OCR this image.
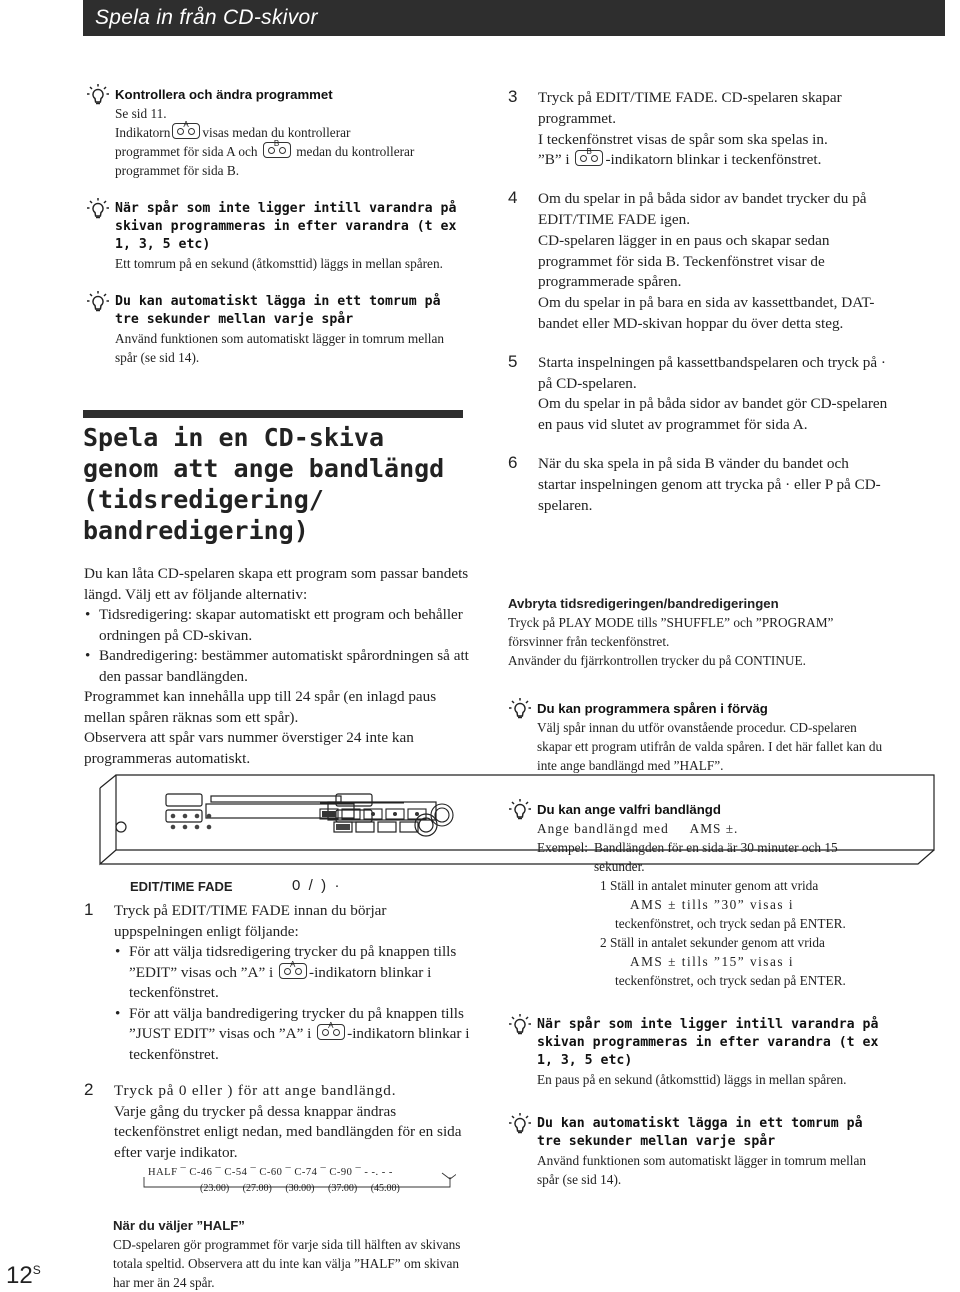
Spela in från CD-skivor
Kontrollera och ändra programmet

Se sid 11.

Indikatorn
A
visas medan du kontrollerar

programmet för sida A och
B
medan du kontrollerar

programmet för sida B.

När spår som inte ligger intill varandra på skivan programmeras in efter varandra (t ex 1, 3, 5 etc)

Ett tomrum på en sekund (åtkomsttid) läggs in mellan spåren.

Du kan automatiskt lägga in ett tomrum på tre sekunder mellan varje spår

Använd funktionen som automatiskt lägger in tomrum mellan spår (se sid 14).

Spela in en CD-skiva genom att ange bandlängd (tidsredigering/ bandredigering)
Du kan låta CD-spelaren skapa ett program som passar bandets längd. Välj ett av följande alternativ:
• Tidsredigering: skapar automatiskt ett program och behåller ordningen på CD-skivan.
• Bandredigering: bestämmer automatiskt spårordningen så att den passar bandlängden.
Programmet kan innehålla upp till 24 spår (en inlagd paus mellan spåren räknas som ett spår).
Observera att spår vars nummer överstiger 24 inte kan programmeras automatiskt.
EDIT/TIME FADE	0  /  )  ·
1 Tryck på EDIT/TIME FADE innan du börjar uppspelningen enligt följande:
• För att välja tidsredigering trycker du på knappen tills ”EDIT” visas och ”A” i A -indikatorn blinkar i teckenfönstret.
• För att välja bandredigering trycker du på knappen tills ”JUST EDIT” visas och ”A” i A -indikatorn blinkar i teckenfönstret.
2 Tryck på 0 eller ) för att ange bandlängd.
Varje gång du trycker på dessa knappar ändras teckenfönstret enligt nedan, med bandlängden för en sida efter varje indikator.
HALF ¯ C-46 ¯ C-54 ¯ C-60 ¯ C-74 ¯ C-90 ¯ - -. - -
(23.00) (27.00) (30.00) (37.00) (45.00)

När du väljer ”HALF”

CD-spelaren gör programmet för varje sida till hälften av skivans totala speltid. Observera att du inte kan välja ”HALF” om skivan har mer än 24 spår.

3 Tryck på EDIT/TIME FADE. CD-spelaren skapar programmet.
I teckenfönstret visas de spår som ska spelas in.
”B” i B -indikatorn blinkar i teckenfönstret.
4 Om du spelar in på båda sidor av bandet trycker du på EDIT/TIME FADE igen.
CD-spelaren lägger in en paus och skapar sedan programmet för sida B. Teckenfönstret visar de programmerade spåren.
Om du spelar in på bara en sida av kassettbandet, DAT-bandet eller MD-skivan hoppar du över detta steg.
5 Starta inspelningen på kassettbandspelaren och tryck på · på CD-spelaren.
Om du spelar in på båda sidor av bandet gör CD-spelaren en paus vid slutet av programmet för sida A.
6 När du ska spela in på sida B vänder du bandet och startar inspelningen genom att trycka på · eller P på CD-spelaren.

Avbryta tidsredigeringen/bandredigeringen

Tryck på PLAY MODE tills ”SHUFFLE” och ”PROGRAM” försvinner från teckenfönstret.

Använder du fjärrkontrollen trycker du på CONTINUE.

Du kan programmera spåren i förväg

Välj spår innan du utför ovanstående procedur. CD-spelaren skapar ett program utifrån de valda spåren. I det här fallet kan du inte ange bandlängd med ”HALF”.

Du kan ange valfri bandlängd

Ange bandlängd med     AMS ±.

Exempel: Bandlängden för en sida är 30 minuter och 15 sekunder.
1 Ställ in antalet minuter genom att vrida
AMS ± tills ”30” visas i
teckenfönstret, och tryck sedan på ENTER.
2 Ställ in antalet sekunder genom att vrida
AMS ± tills ”15” visas i
teckenfönstret, och tryck sedan på ENTER.
När spår som inte ligger intill varandra på skivan programmeras in efter varandra (t ex 1, 3, 5 etc)

En paus på en sekund (åtkomsttid) läggs in mellan spåren.

Du kan automatiskt lägga in ett tomrum på tre sekunder mellan varje spår

Använd funktionen som automatiskt lägger in tomrum mellan spår (se sid 14).

$12^S$
